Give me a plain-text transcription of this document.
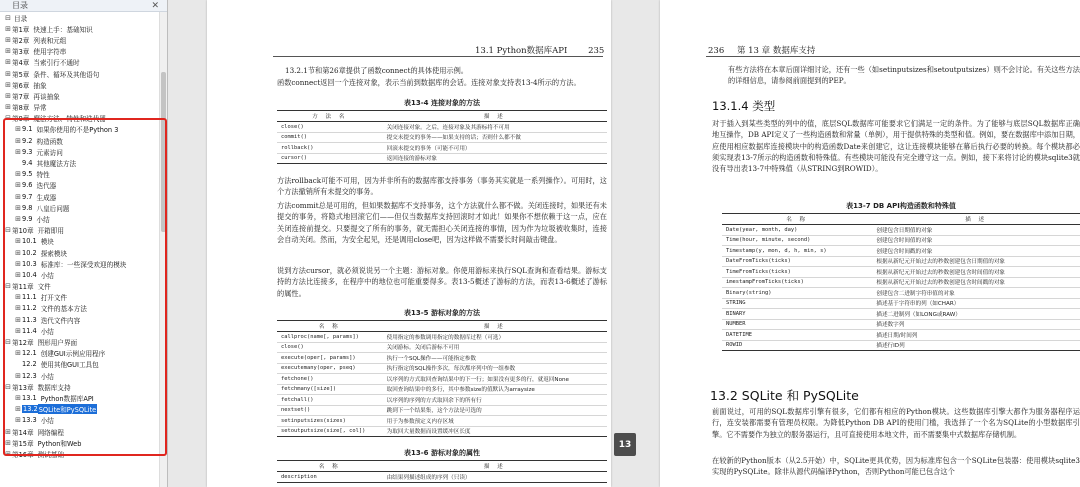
目录	✕
⊟ 目录
⊞ 第1章 快速上手：基础知识
⊞ 第2章 列表和元组
⊞ 第3章 使用字符串
⊞ 第4章 当索引行不通时
⊞ 第5章 条件、循环及其他语句
⊞ 第6章 抽象
⊞ 第7章 再谈抽象
⊞ 第8章 异常
⊟ 第9章 魔法方法、特性和迭代器
⊞ 9.1 如果你使用的不是Python 3
⊞ 9.2 构造函数
⊞ 9.3 元素访问
9.4 其他魔法方法
⊞ 9.5 特性
⊞ 9.6 迭代器
⊞ 9.7 生成器
⊞ 9.8 八皇后问题
⊞ 9.9 小结
⊟ 第10章 开箱即用
⊞ 10.1 模块
⊞ 10.2 探索模块
⊞ 10.3 标准库：一些深受欢迎的模块
⊞ 10.4 小结
⊟ 第11章 文件
⊞ 11.1 打开文件
⊞ 11.2 文件的基本方法
⊞ 11.3 迭代文件内容
⊞ 11.4 小结
⊟ 第12章 图形用户界面
⊞ 12.1 创建GUI示例应用程序
12.2 使用其他GUI工具包
⊞ 12.3 小结
⊟ 第13章 数据库支持
⊞ 13.1 Python数据库API
⊞ 13.2 SQLite和PySQLite
⊞ 13.3 小结
⊞ 第14章 网络编程
⊞ 第15章 Python和Web
⊞ 第16章 测试基础
13.1 Python数据库API 235
13.2.1节和第26章提供了函数connect的具体使用示例。
函数connect返回一个连接对象，表示当前到数据库的会话。连接对象支持表13-4所示的方法。
表13-4 连接对象的方法
方 法 名	描 述
close()	关闭连接对象。之后，连接对象及其游标将不可用
commit()	提交未提交的事务——如果支持的话；否则什么都不做
rollback()	回滚未提交的事务（可能不可用）
cursor()	返回连接的游标对象
方法rollback可能不可用，因为并非所有的数据库都支持事务（事务其实就是一系列操作）。可用时，这个方法撤销所有未提交的事务。
方法commit总是可用的，但如果数据库不支持事务，这个方法就什么都不做。关闭连接时，如果还有未提交的事务，将隐式地回滚它们——但仅当数据库支持回滚时才如此！如果你不想依赖于这一点，应在关闭连接前提交。只要提交了所有的事务，就无需担心关闭连接的事情，因为作为垃圾被收集时，连接会自动关闭。然而，为安全起见，还是调用close吧，因为这样做不需要长时间敲击键盘。
说到方法cursor，就必须说说另一个主题：游标对象。你使用游标来执行SQL查询和查看结果。游标支持的方法比连接多，在程序中的地位也可能重要得多。表13-5概述了游标的方法，而表13-6概述了游标的属性。
表13-5 游标对象的方法
名 称	描 述
callproc(name[, params])	使用指定的参数调用指定的数据库过程（可选）
close()	关闭游标。关闭后游标不可用
execute(oper[, params])	执行一个SQL操作——可能指定参数
executemany(oper, pseq)	执行指定的SQL操作多次，每次都序列中的一组参数
fetchone()	以序列的方式取回查询结果中的下一行；如果没有更多的行，就返回None
fetchmany([size])	取回查询结果中的多行，其中参数size的值默认为arraysize
fetchall()	以序列的序列的方式取回余下的所有行
nextset()	跳到下一个结果集，这个方法是可选的
setinputsizes(sizes)	用于为参数预定义内存区域
setoutputsize(size[, col])	为取回大量数据而设置缓冲区长度
表13-6 游标对象的属性
名 称	描 述
description	由结果列描述组成的序列（只读）
13
236 第 13 章 数据库支持
有些方法将在本章后面详细讨论，还有一些（如setinputsizes和setoutputsizes）则不会讨论。有关这些方法的详细信息，请参阅前面提到的PEP。
13.1.4 类型
对于插入到某些类型的列中的值，底层SQL数据库可能要求它们满足一定的条件。为了能够与底层SQL数据库正确地互操作，DB API定义了一些构造函数和常量（单例），用于提供特殊的类型和值。例如，要在数据库中添加日期，应使用相应数据库连接模块中的构造函数Date来创建它，这让连接模块能够在幕后执行必要的转换。每个模块都必须实现表13-7所示的构造函数和特殊值。有些模块可能没有完全遵守这一点。例如，接下来将讨论的模块sqlite3就没有导出表13-7中特殊值（从STRING到ROWID）。
表13-7 DB API构造函数和特殊值
名 称	描 述
Date(year, month, day)	创建包含日期值的对象
Time(hour, minute, second)	创建包含时间值的对象
Timestamp(y, mon, d, h, min, s)	创建包含时间戳的对象
DateFromTicks(ticks)	根据从新纪元开始过去的秒数创建包含日期值的对象
TimeFromTicks(ticks)	根据从新纪元开始过去的秒数创建包含时间值的对象
imestampFromTicks(ticks)	根据从新纪元开始过去的秒数创建包含时间戳的对象
Binary(string)	创建包含二进制字符串值的对象
STRING	描述基于字符串的列（如CHAR）
BINARY	描述二进制列（如LONG或RAW）
NUMBER	描述数字列
DATETIME	描述日期/时间列
ROWID	描述行ID列
13.2 SQLite 和 PySQLite
前面说过，可用的SQL数据库引擎有很多，它们都有相应的Python模块。这些数据库引擎大都作为服务器程序运行，连安装都需要有管理员权限。为降低Python DB API的使用门槛，我选择了一个名为SQLite的小型数据库引擎。它不需要作为独立的服务器运行，且可直接使用本地文件，而不需要集中式数据库存储机制。
在较新的Python版本（从2.5开始）中，SQLite更具优势，因为标准库包含一个SQLite包装器：使用模块sqlite3实现的PySQLite。除非从源代码编译Python，否则Python可能已包含这个
